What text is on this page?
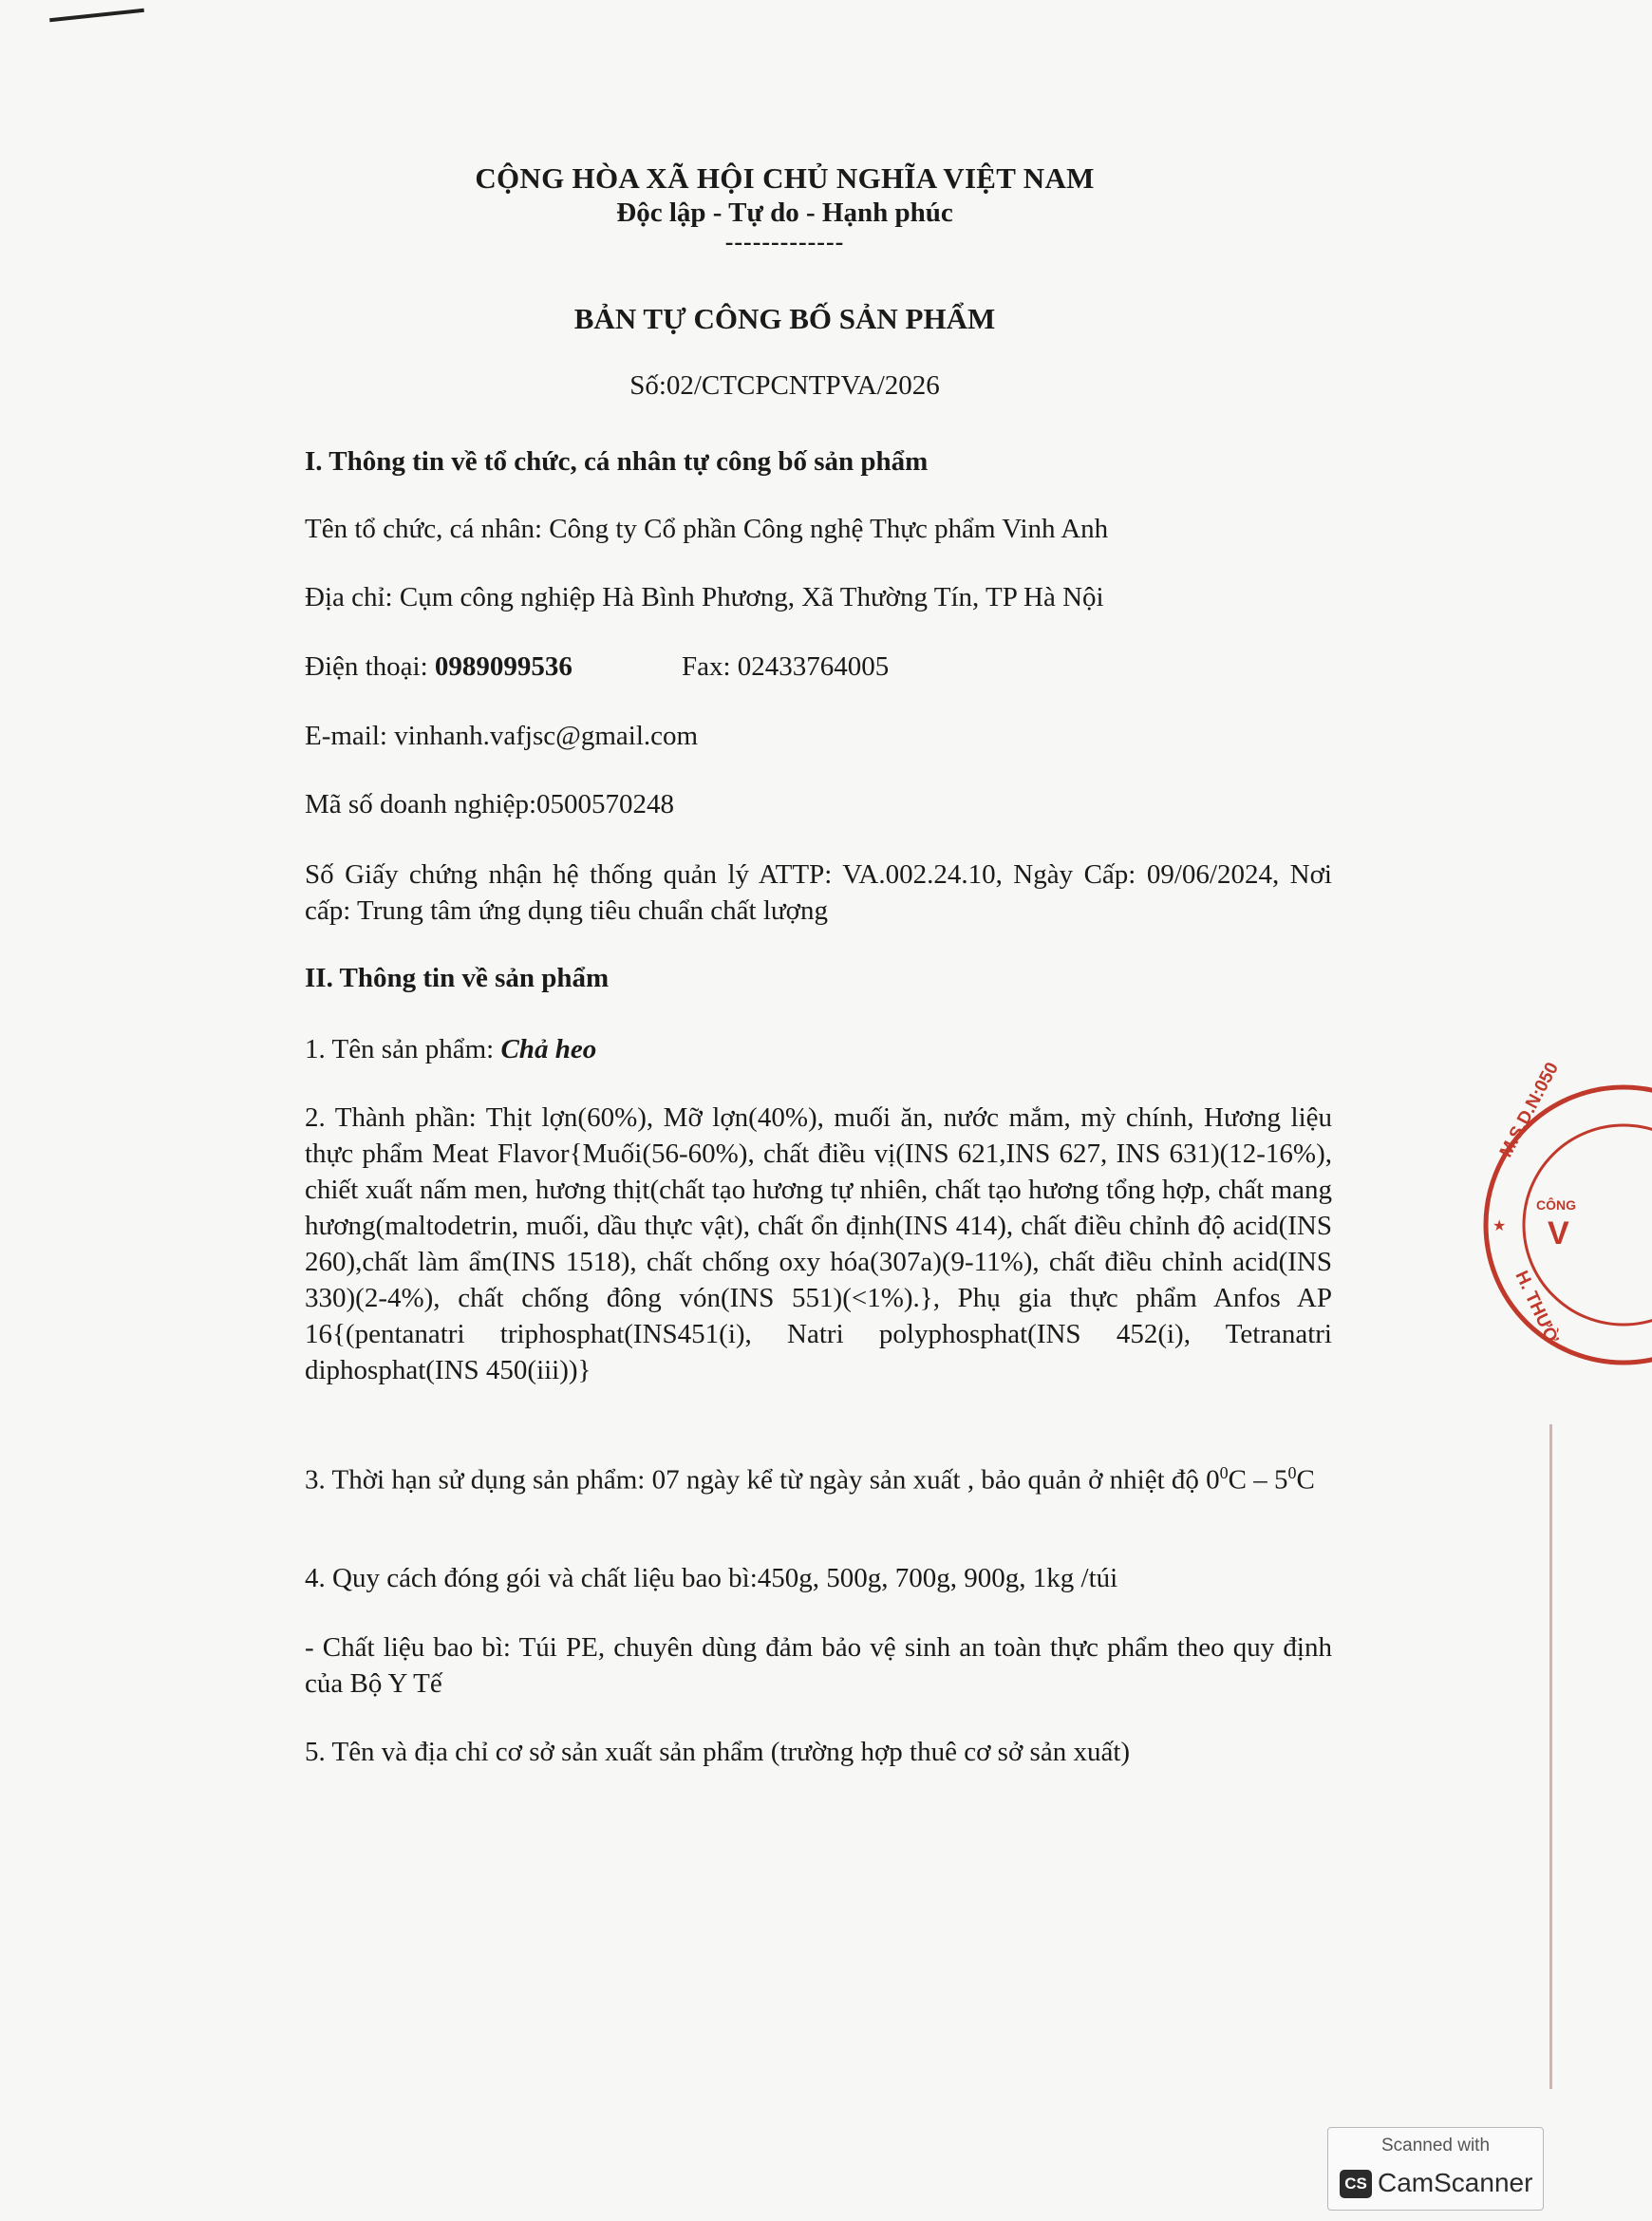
CỘNG HÒA XÃ HỘI CHỦ NGHĨA VIỆT NAM
Độc lập - Tự do - Hạnh phúc
-------------
BẢN TỰ CÔNG BỐ SẢN PHẨM
Số:02/CTCPCNTPVA/2026
I. Thông tin về tổ chức, cá nhân tự công bố sản phẩm
Tên tổ chức, cá nhân: Công ty Cổ phần Công nghệ Thực phẩm Vinh Anh
Địa chỉ: Cụm công nghiệp Hà Bình Phương, Xã Thường Tín, TP Hà Nội
Điện thoại: 0989099536	Fax: 02433764005
E-mail: vinhanh.vafjsc@gmail.com
Mã số doanh nghiệp:0500570248
Số Giấy chứng nhận hệ thống quản lý ATTP: VA.002.24.10, Ngày Cấp: 09/06/2024, Nơi cấp: Trung tâm ứng dụng tiêu chuẩn chất lượng
II. Thông tin về sản phẩm
1. Tên sản phẩm: Chả heo
2. Thành phần: Thịt lợn(60%), Mỡ lợn(40%), muối ăn, nước mắm, mỳ chính, Hương liệu thực phẩm Meat Flavor{Muối(56-60%), chất điều vị(INS 621,INS 627, INS 631)(12-16%), chiết xuất nấm men, hương thịt(chất tạo hương tự nhiên, chất tạo hương tổng hợp, chất mang hương(maltodetrin, muối, dầu thực vật), chất ổn định(INS 414), chất điều chỉnh độ acid(INS 260),chất làm ẩm(INS 1518), chất chống oxy hóa(307a)(9-11%), chất điều chỉnh acid(INS 330)(2-4%), chất chống đông vón(INS 551)(<1%).}, Phụ gia thực phẩm Anfos AP 16{(pentanatri triphosphat(INS451(i), Natri polyphosphat(INS 452(i), Tetranatri diphosphat(INS 450(iii))}
3. Thời hạn sử dụng sản phẩm: 07 ngày kể từ ngày sản xuất , bảo quản ở nhiệt độ $0^0C - 5^0C$
4. Quy cách đóng gói và chất liệu bao bì:450g, 500g, 700g, 900g, 1kg /túi
- Chất liệu bao bì: Túi PE, chuyên dùng đảm bảo vệ sinh an toàn thực phẩm theo quy định của Bộ Y Tế
5. Tên và địa chỉ cơ sở sản xuất sản phẩm (trường hợp thuê cơ sở sản xuất)
M.S.D.N:050
CÔNG
H. THƯỜ
V
★
Scanned with
CS CamScanner
